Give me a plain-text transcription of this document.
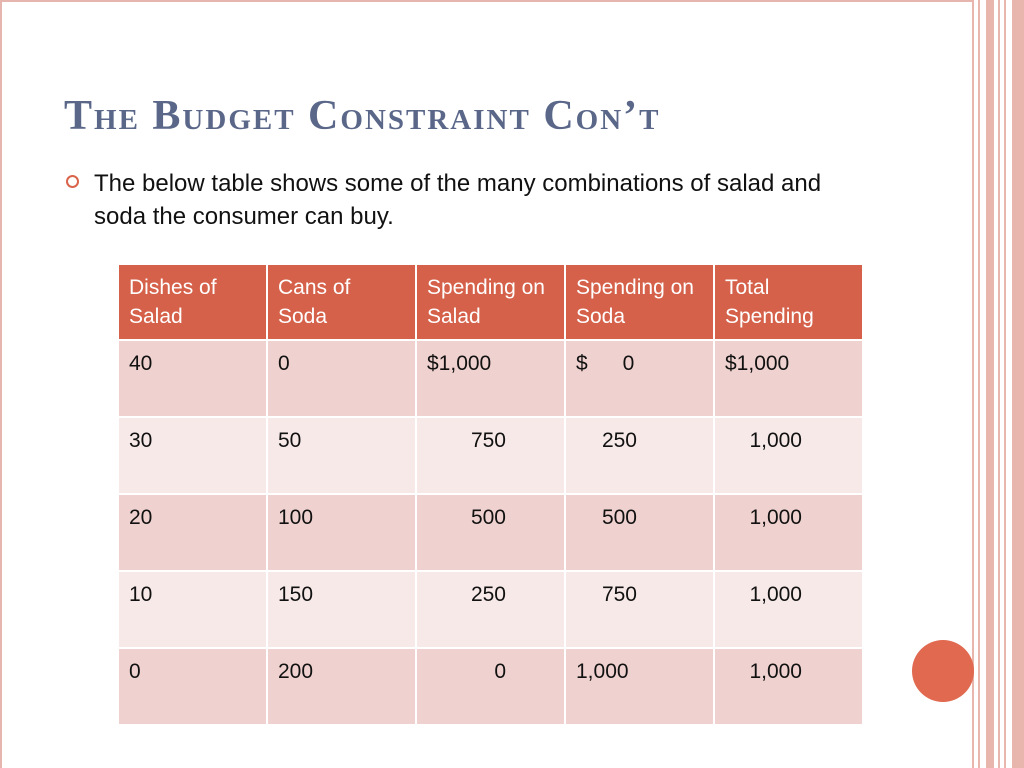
The Budget Constraint Con’t
The below table shows some of the many combinations of salad and soda the consumer can buy.
Dishes of Salad	Cans of Soda	Spending on Salad	Spending on Soda	Total Spending
40	0	$1,000	$      0	$1,000
30	50	750	250	1,000
20	100	500	500	1,000
10	150	250	750	1,000
0	200	0	1,000	1,000
